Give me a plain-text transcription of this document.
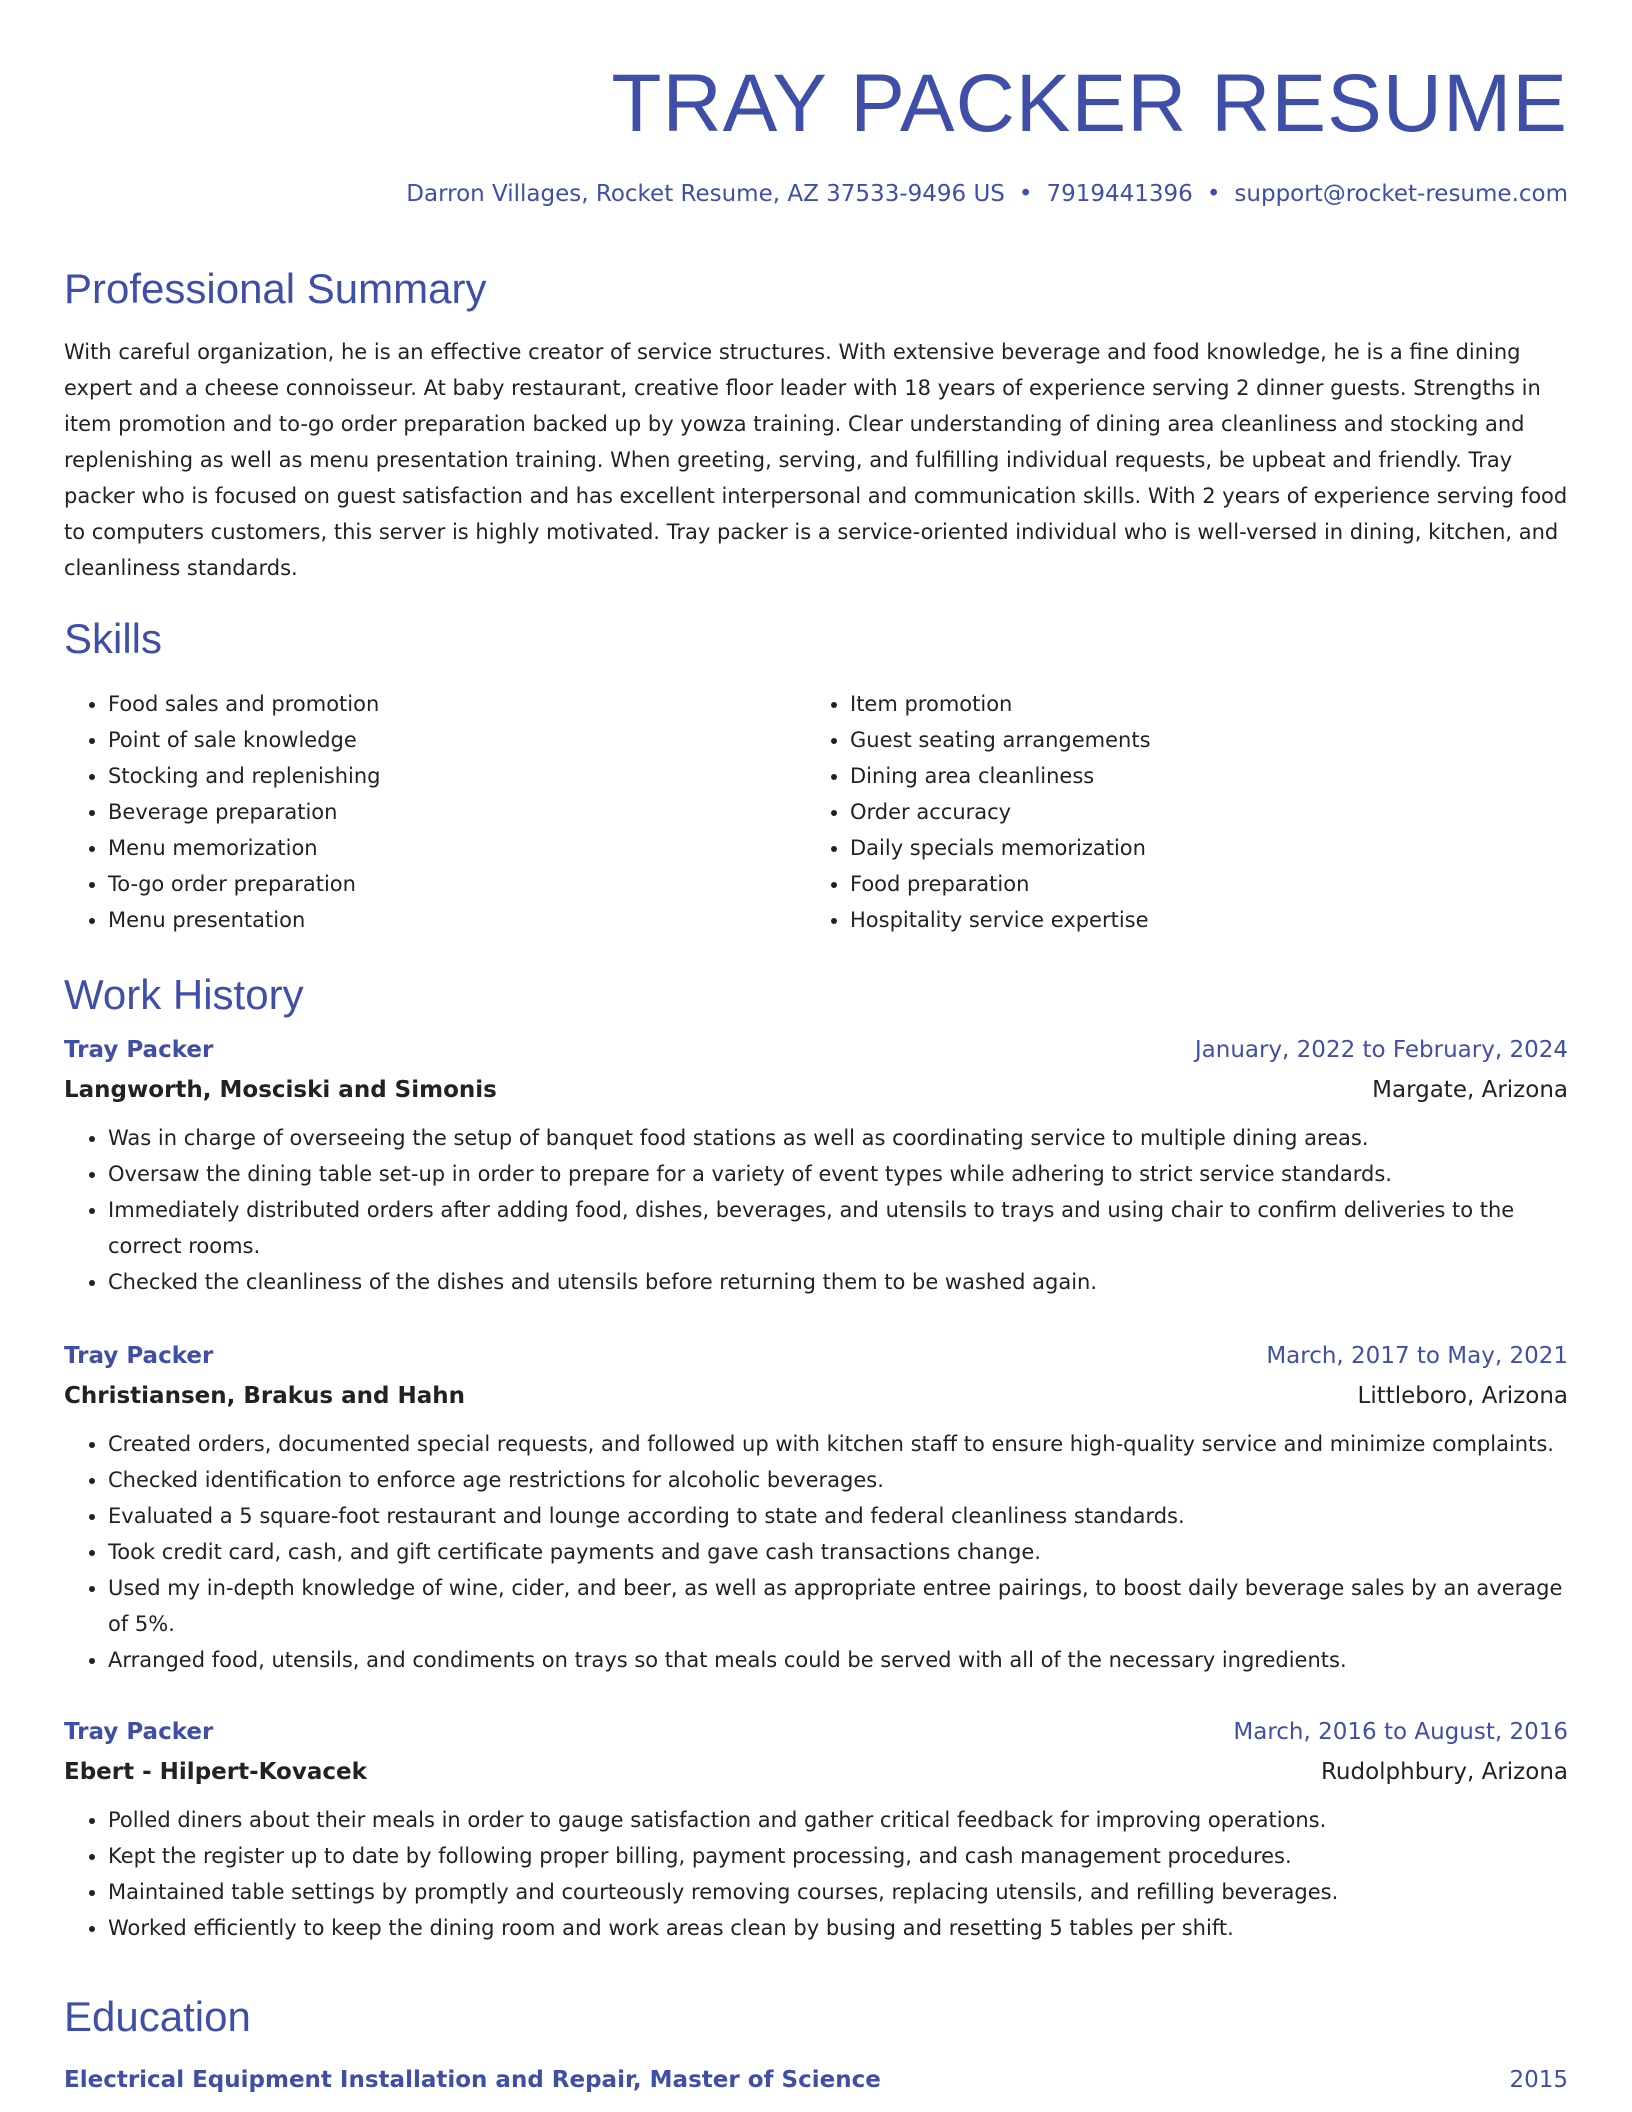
TRAY PACKER RESUME
Darron Villages, Rocket Resume, AZ 37533-9496 US • 7919441396 • support@rocket-resume.com
Professional Summary

With careful organization, he is an effective creator of service structures. With extensive beverage and food knowledge, he is a fine dining expert and a cheese connoisseur. At baby restaurant, creative floor leader with 18 years of experience serving 2 dinner guests. Strengths in item promotion and to-go order preparation backed up by yowza training. Clear understanding of dining area cleanliness and stocking and replenishing as well as menu presentation training. When greeting, serving, and fulfilling individual requests, be upbeat and friendly. Tray packer who is focused on guest satisfaction and has excellent interpersonal and communication skills. With 2 years of experience serving food to computers customers, this server is highly motivated. Tray packer is a service-oriented individual who is well-versed in dining, kitchen, and cleanliness standards.

Skills
• Food sales and promotion
• Point of sale knowledge
• Stocking and replenishing
• Beverage preparation
• Menu memorization
• To-go order preparation
• Menu presentation
• Item promotion
• Guest seating arrangements
• Dining area cleanliness
• Order accuracy
• Daily specials memorization
• Food preparation
• Hospitality service expertise
Work History
Tray Packer	January, 2022 to February, 2024
Langworth, Mosciski and Simonis	Margate, Arizona
• Was in charge of overseeing the setup of banquet food stations as well as coordinating service to multiple dining areas.
• Oversaw the dining table set-up in order to prepare for a variety of event types while adhering to strict service standards.
• Immediately distributed orders after adding food, dishes, beverages, and utensils to trays and using chair to confirm deliveries to the correct rooms.
• Checked the cleanliness of the dishes and utensils before returning them to be washed again.
Tray Packer	March, 2017 to May, 2021
Christiansen, Brakus and Hahn	Littleboro, Arizona
• Created orders, documented special requests, and followed up with kitchen staff to ensure high-quality service and minimize complaints.
• Checked identification to enforce age restrictions for alcoholic beverages.
• Evaluated a 5 square-foot restaurant and lounge according to state and federal cleanliness standards.
• Took credit card, cash, and gift certificate payments and gave cash transactions change.
• Used my in-depth knowledge of wine, cider, and beer, as well as appropriate entree pairings, to boost daily beverage sales by an average of 5%.
• Arranged food, utensils, and condiments on trays so that meals could be served with all of the necessary ingredients.
Tray Packer	March, 2016 to August, 2016
Ebert - Hilpert-Kovacek	Rudolphbury, Arizona
• Polled diners about their meals in order to gauge satisfaction and gather critical feedback for improving operations.
• Kept the register up to date by following proper billing, payment processing, and cash management procedures.
• Maintained table settings by promptly and courteously removing courses, replacing utensils, and refilling beverages.
• Worked efficiently to keep the dining room and work areas clean by busing and resetting 5 tables per shift.
Education
Electrical Equipment Installation and Repair, Master of Science	2015
